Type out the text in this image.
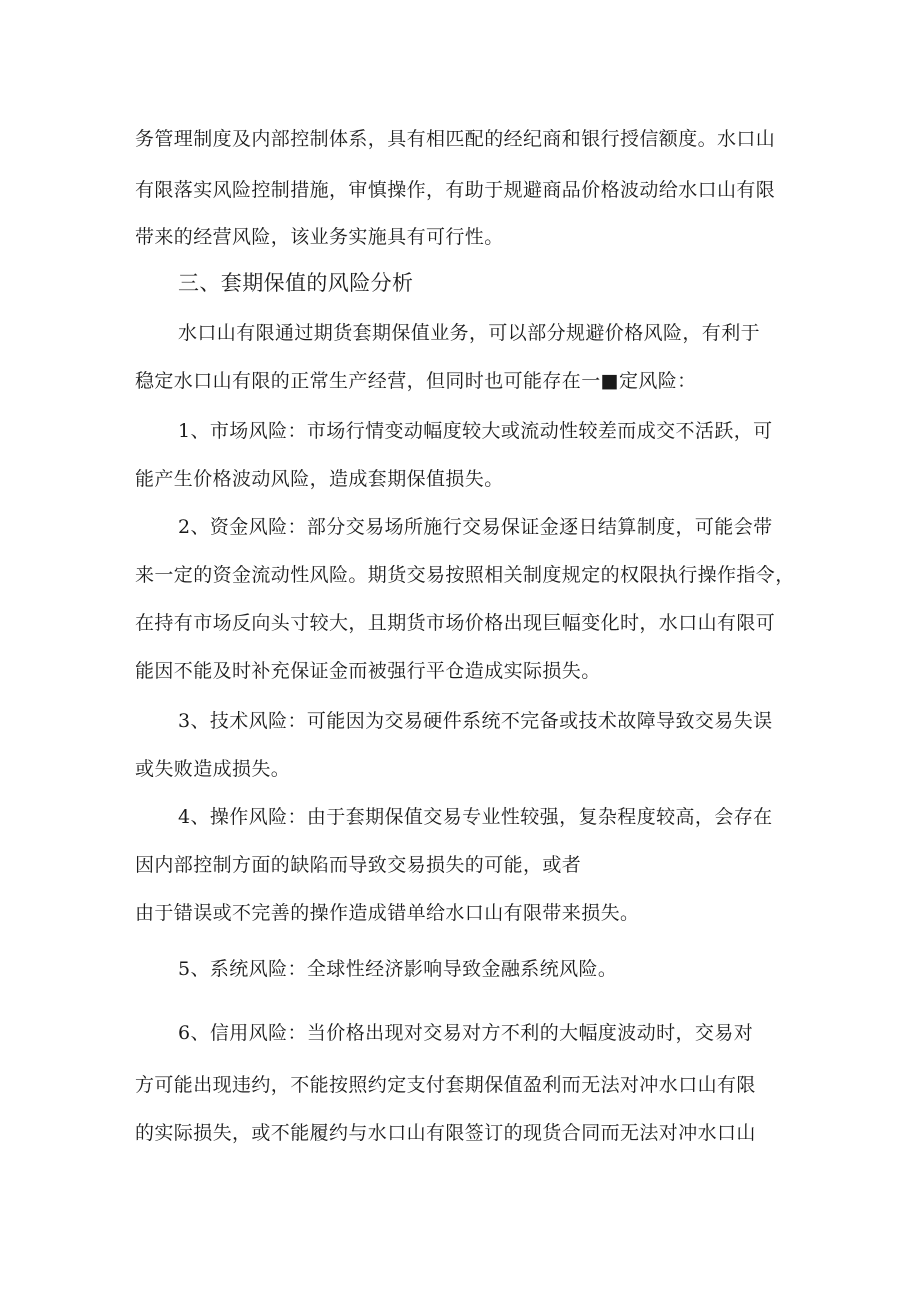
务管理制度及内部控制体系，具有相匹配的经纪商和银行授信额度。水口山
有限落实风险控制措施，审慎操作，有助于规避商品价格波动给水口山有限
带来的经营风险，该业务实施具有可行性。
三、套期保值的风险分析
水口山有限通过期货套期保值业务，可以部分规避价格风险，有利于
稳定水口山有限的正常生产经营，但同时也可能存在一■定风险：
1、市场风险：市场行情变动幅度较大或流动性较差而成交不活跃，可
能产生价格波动风险，造成套期保值损失。
2、资金风险：部分交易场所施行交易保证金逐日结算制度，可能会带
来一定的资金流动性风险。期货交易按照相关制度规定的权限执行操作指令，
在持有市场反向头寸较大，且期货市场价格出现巨幅变化时，水口山有限可
能因不能及时补充保证金而被强行平仓造成实际损失。
3、技术风险：可能因为交易硬件系统不完备或技术故障导致交易失误
或失败造成损失。
4、操作风险：由于套期保值交易专业性较强，复杂程度较高，会存在
因内部控制方面的缺陷而导致交易损失的可能，或者
由于错误或不完善的操作造成错单给水口山有限带来损失。
5、系统风险：全球性经济影响导致金融系统风险。
6、信用风险：当价格出现对交易对方不利的大幅度波动时，交易对
方可能出现违约，不能按照约定支付套期保值盈利而无法对冲水口山有限
的实际损失，或不能履约与水口山有限签订的现货合同而无法对冲水口山
